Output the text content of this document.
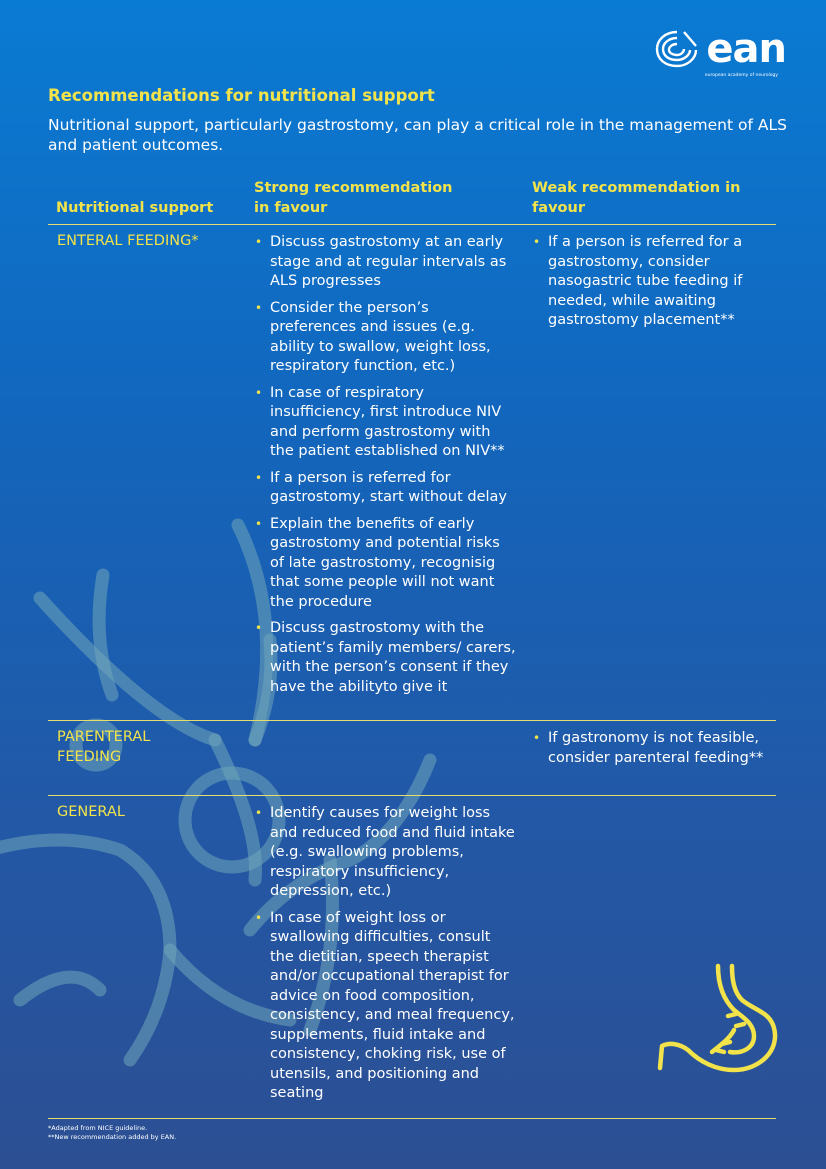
ean
european academy of neurology
Recommendations for nutritional support

Nutritional support, particularly gastrostomy, can play a critical role in the management of ALS and patient outcomes.

Nutritional support
Strong recommendation in favour
Weak recommendation in favour
ENTERAL FEEDING*	• Discuss gastrostomy at an early stage and at regular intervals as ALS progresses
• Consider the person’s preferences and issues (e.g. ability to swallow, weight loss, respiratory function, etc.)
• In case of respiratory insufficiency, first introduce NIV and perform gastrostomy with the patient established on NIV**
• If a person is referred for gastrostomy, start without delay
• Explain the benefits of early gastrostomy and potential risks of late gastrostomy, recognisig that some people will not want the procedure
• Discuss gastrostomy with the patient’s family members/ carers, with the person’s consent if they have the abilityto give it
• If a person is referred for a gastrostomy, consider nasogastric tube feeding if needed, while awaiting gastrostomy placement**
PARENTERAL FEEDING
• If gastronomy is not feasible, consider parenteral feeding**
GENERAL	• Identify causes for weight loss and reduced food and fluid intake (e.g. swallowing problems, respiratory insufficiency, depression, etc.)
• In case of weight loss or swallowing difficulties, consult the dietitian, speech therapist and/or occupational therapist for advice on food composition, consistency, and meal frequency, supplements, fluid intake and consistency, choking risk, use of utensils, and positioning and seating
*Adapted from NICE guideline.
**New recommendation added by EAN.
